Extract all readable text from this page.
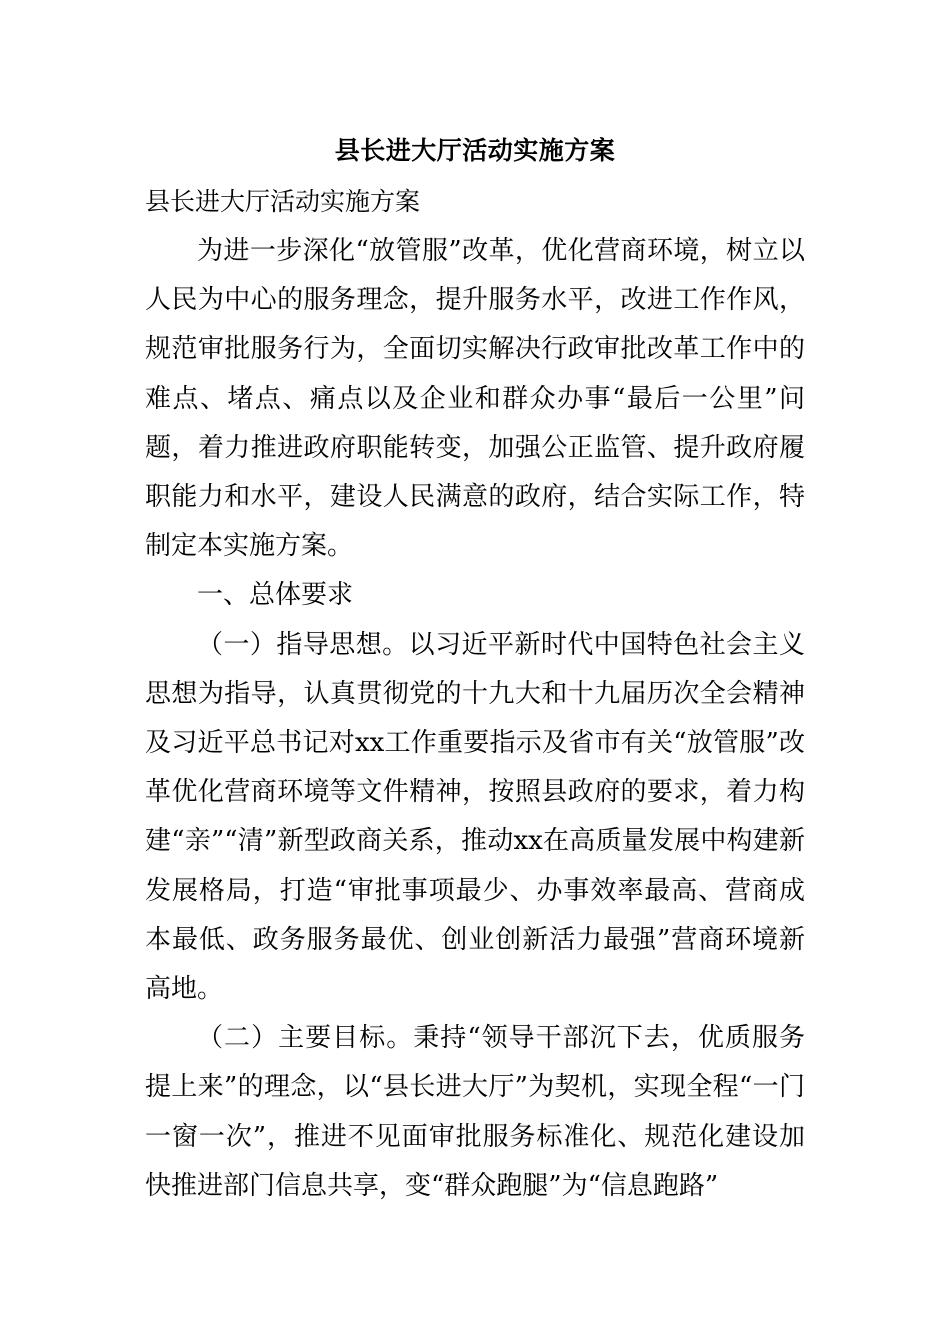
县长进大厅活动实施方案

县长进大厅活动实施方案

为进一步深化“放管服”改革，优化营商环境，树立以人民为中心的服务理念，提升服务水平，改进工作作风，规范审批服务行为，全面切实解决行政审批改革工作中的难点、堵点、痛点以及企业和群众办事“最后一公里”问题，着力推进政府职能转变，加强公正监管、提升政府履职能力和水平，建设人民满意的政府，结合实际工作，特制定本实施方案。

一、总体要求

（一）指导思想。以习近平新时代中国特色社会主义思想为指导，认真贯彻党的十九大和十九届历次全会精神及习近平总书记对xx工作重要指示及省市有关“放管服”改革优化营商环境等文件精神，按照县政府的要求，着力构建“亲”“清”新型政商关系，推动xx在高质量发展中构建新发展格局，打造“审批事项最少、办事效率最高、营商成本最低、政务服务最优、创业创新活力最强”营商环境新高地。

（二）主要目标。秉持“领导干部沉下去，优质服务提上来”的理念，以“县长进大厅”为契机，实现全程“一门一窗一次”，推进不见面审批服务标准化、规范化建设加快推进部门信息共享，变“群众跑腿”为“信息跑路”
